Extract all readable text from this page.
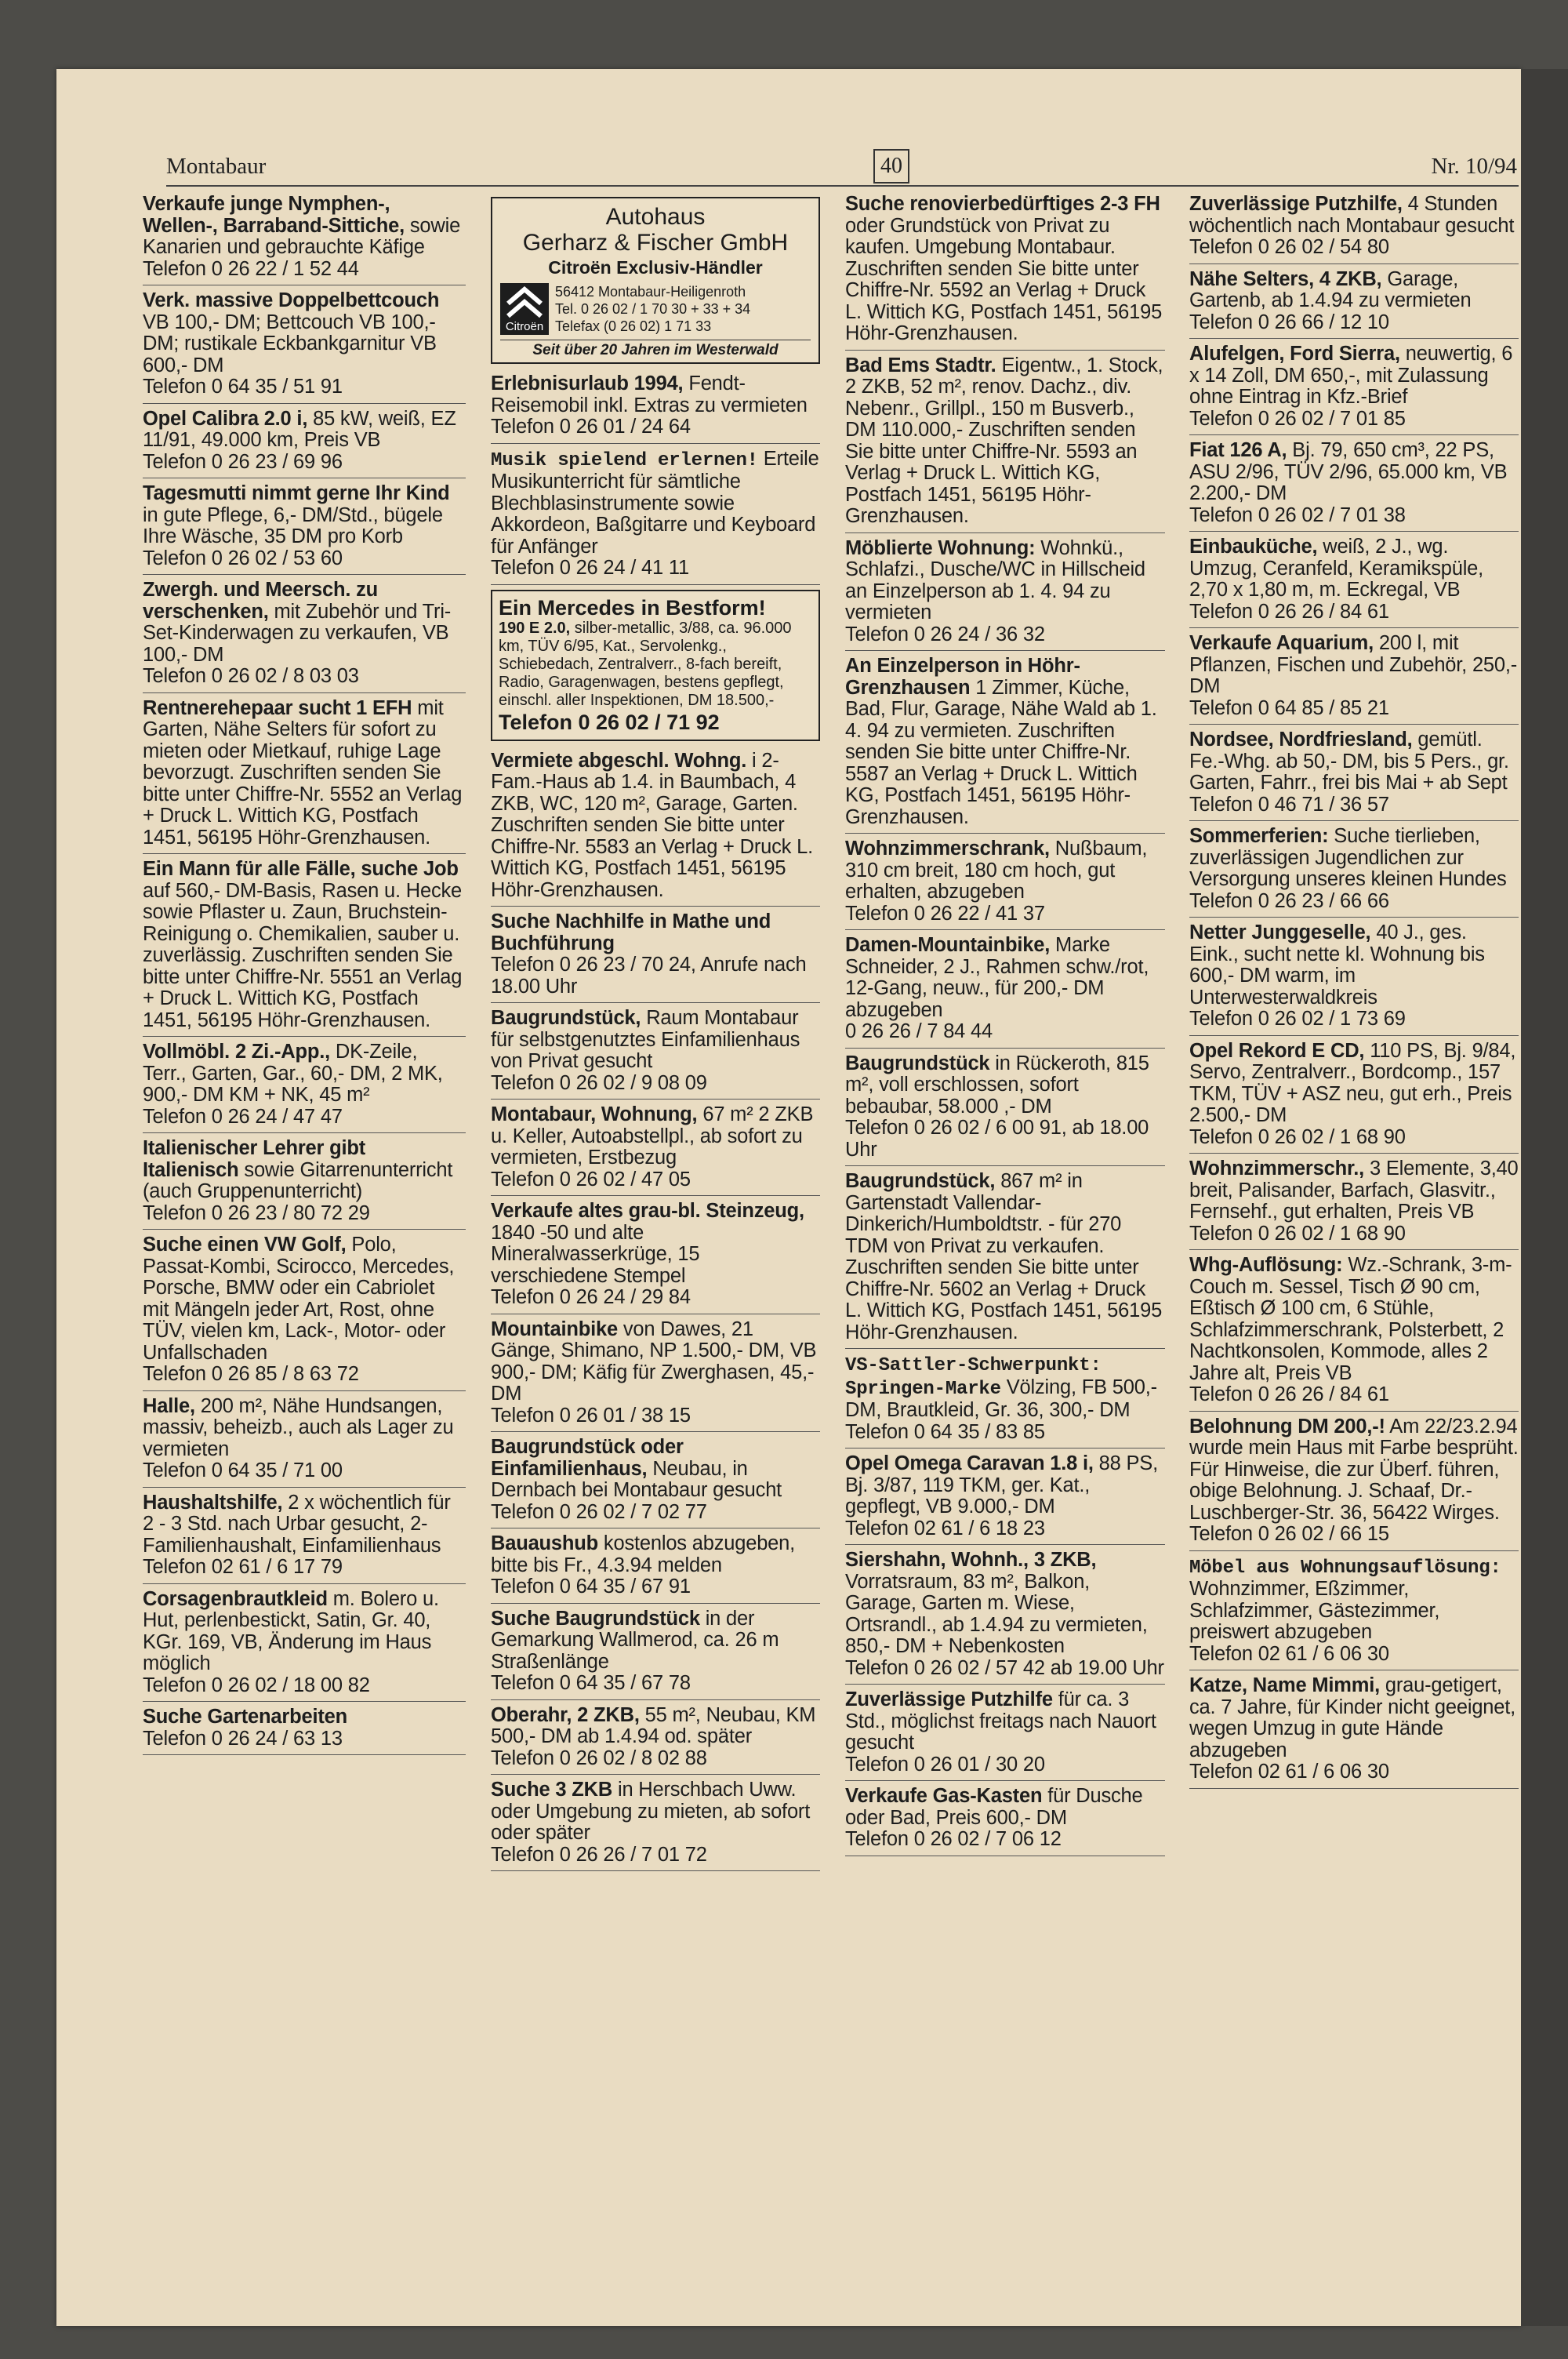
Montabaur	40	Nr. 10/94
Verkaufe junge Nymphen-, Wellen-, Barraband-Sittiche, sowie Kanarien und gebrauchte Käfige
Telefon 0 26 22 / 1 52 44
Verk. massive Doppelbettcouch VB 100,- DM; Bettcouch VB 100,- DM; rustikale Eckbankgarnitur VB 600,- DM
Telefon 0 64 35 / 51 91
Opel Calibra 2.0 i, 85 kW, weiß, EZ 11/91, 49.000 km, Preis VB
Telefon 0 26 23 / 69 96
Tagesmutti nimmt gerne Ihr Kind in gute Pflege, 6,- DM/Std., bügele Ihre Wäsche, 35 DM pro Korb
Telefon 0 26 02 / 53 60
Zwergh. und Meersch. zu verschenken, mit Zubehör und Tri-Set-Kinderwagen zu verkaufen, VB 100,- DM
Telefon 0 26 02 / 8 03 03
Rentnerehepaar sucht 1 EFH mit Garten, Nähe Selters für sofort zu mieten oder Mietkauf, ruhige Lage bevorzugt. Zuschriften senden Sie bitte unter Chiffre-Nr. 5552 an Verlag + Druck L. Wittich KG, Postfach 1451, 56195 Höhr-Grenzhausen.
Ein Mann für alle Fälle, suche Job auf 560,- DM-Basis, Rasen u. Hecke sowie Pflaster u. Zaun, Bruchstein-Reinigung o. Chemikalien, sauber u. zuverlässig. Zuschriften senden Sie bitte unter Chiffre-Nr. 5551 an Verlag + Druck L. Wittich KG, Postfach 1451, 56195 Höhr-Grenzhausen.
Vollmöbl. 2 Zi.-App., DK-Zeile, Terr., Garten, Gar., 60,- DM, 2 MK, 900,- DM KM + NK, 45 m²
Telefon 0 26 24 / 47 47
Italienischer Lehrer gibt Italienisch sowie Gitarrenunterricht (auch Gruppenunterricht)
Telefon 0 26 23 / 80 72 29
Suche einen VW Golf, Polo, Passat-Kombi, Scirocco, Mercedes, Porsche, BMW oder ein Cabriolet mit Mängeln jeder Art, Rost, ohne TÜV, vielen km, Lack-, Motor- oder Unfallschaden
Telefon 0 26 85 / 8 63 72
Halle, 200 m², Nähe Hundsangen, massiv, beheizb., auch als Lager zu vermieten
Telefon 0 64 35 / 71 00
Haushaltshilfe, 2 x wöchentlich für 2 - 3 Std. nach Urbar gesucht, 2-Familienhaushalt, Einfamilienhaus
Telefon 02 61 / 6 17 79
Corsagenbrautkleid m. Bolero u. Hut, perlenbestickt, Satin, Gr. 40, KGr. 169, VB, Änderung im Haus möglich
Telefon 0 26 02 / 18 00 82
Suche Gartenarbeiten
Telefon 0 26 24 / 63 13
Autohaus
Gerharz & Fischer GmbH
Citroën Exclusiv-Händler
Citroën
56412 Montabaur-Heiligenroth
Tel. 0 26 02 / 1 70 30 + 33 + 34
Telefax (0 26 02) 1 71 33
Seit über 20 Jahren im Westerwald
Erlebnisurlaub 1994, Fendt-Reisemobil inkl. Extras zu vermieten
Telefon 0 26 01 / 24 64
Musik spielend erlernen! Erteile Musikunterricht für sämtliche Blechblasinstrumente sowie Akkordeon, Baßgitarre und Keyboard für Anfänger
Telefon 0 26 24 / 41 11
Ein Mercedes in Bestform!
190 E 2.0, silber-metallic, 3/88, ca. 96.000 km, TÜV 6/95, Kat., Servolenkg., Schiebedach, Zentralverr., 8-fach bereift, Radio, Garagenwagen, bestens gepflegt, einschl. aller Inspektionen, DM 18.500,-
Telefon 0 26 02 / 71 92
Vermiete abgeschl. Wohng. i 2-Fam.-Haus ab 1.4. in Baumbach, 4 ZKB, WC, 120 m², Garage, Garten. Zuschriften senden Sie bitte unter Chiffre-Nr. 5583 an Verlag + Druck L. Wittich KG, Postfach 1451, 56195 Höhr-Grenzhausen.
Suche Nachhilfe in Mathe und Buchführung
Telefon 0 26 23 / 70 24, Anrufe nach 18.00 Uhr
Baugrundstück, Raum Montabaur für selbstgenutztes Einfamilienhaus von Privat gesucht
Telefon 0 26 02 / 9 08 09
Montabaur, Wohnung, 67 m² 2 ZKB u. Keller, Autoabstellpl., ab sofort zu vermieten, Erstbezug
Telefon 0 26 02 / 47 05
Verkaufe altes grau-bl. Steinzeug, 1840 -50 und alte Mineralwasserkrüge, 15 verschiedene Stempel
Telefon 0 26 24 / 29 84
Mountainbike von Dawes, 21 Gänge, Shimano, NP 1.500,- DM, VB 900,- DM; Käfig für Zwerghasen, 45,- DM
Telefon 0 26 01 / 38 15
Baugrundstück oder Einfamilienhaus, Neubau, in Dernbach bei Montabaur gesucht
Telefon 0 26 02 / 7 02 77
Bauaushub kostenlos abzugeben, bitte bis Fr., 4.3.94 melden
Telefon 0 64 35 / 67 91
Suche Baugrundstück in der Gemarkung Wallmerod, ca. 26 m Straßenlänge
Telefon 0 64 35 / 67 78
Oberahr, 2 ZKB, 55 m², Neubau, KM 500,- DM ab 1.4.94 od. später
Telefon 0 26 02 / 8 02 88
Suche 3 ZKB in Herschbach Uww. oder Umgebung zu mieten, ab sofort oder später
Telefon 0 26 26 / 7 01 72
Suche renovierbedürftiges 2-3 FH oder Grundstück von Privat zu kaufen. Umgebung Montabaur. Zuschriften senden Sie bitte unter Chiffre-Nr. 5592 an Verlag + Druck L. Wittich KG, Postfach 1451, 56195 Höhr-Grenzhausen.
Bad Ems Stadtr. Eigentw., 1. Stock, 2 ZKB, 52 m², renov. Dachz., div. Nebenr., Grillpl., 150 m Busverb., DM 110.000,- Zuschriften senden Sie bitte unter Chiffre-Nr. 5593 an Verlag + Druck L. Wittich KG, Postfach 1451, 56195 Höhr-Grenzhausen.
Möblierte Wohnung: Wohnkü., Schlafzi., Dusche/WC in Hillscheid an Einzelperson ab 1. 4. 94 zu vermieten
Telefon 0 26 24 / 36 32
An Einzelperson in Höhr-Grenzhausen 1 Zimmer, Küche, Bad, Flur, Garage, Nähe Wald ab 1. 4. 94 zu vermieten. Zuschriften senden Sie bitte unter Chiffre-Nr. 5587 an Verlag + Druck L. Wittich KG, Postfach 1451, 56195 Höhr-Grenzhausen.
Wohnzimmerschrank, Nußbaum, 310 cm breit, 180 cm hoch, gut erhalten, abzugeben
Telefon 0 26 22 / 41 37
Damen-Mountainbike, Marke Schneider, 2 J., Rahmen schw./rot, 12-Gang, neuw., für 200,- DM abzugeben
0 26 26 / 7 84 44
Baugrundstück in Rückeroth, 815 m², voll erschlossen, sofort bebaubar, 58.000 ,- DM
Telefon 0 26 02 / 6 00 91, ab 18.00 Uhr
Baugrundstück, 867 m² in Gartenstadt Vallendar-Dinkerich/Humboldtstr. - für 270 TDM von Privat zu verkaufen. Zuschriften senden Sie bitte unter Chiffre-Nr. 5602 an Verlag + Druck L. Wittich KG, Postfach 1451, 56195 Höhr-Grenzhausen.
VS-Sattler-Schwerpunkt: Springen-Marke Völzing, FB 500,- DM, Brautkleid, Gr. 36, 300,- DM
Telefon 0 64 35 / 83 85
Opel Omega Caravan 1.8 i, 88 PS, Bj. 3/87, 119 TKM, ger. Kat., gepflegt, VB 9.000,- DM
Telefon 02 61 / 6 18 23
Siershahn, Wohnh., 3 ZKB, Vorratsraum, 83 m², Balkon, Garage, Garten m. Wiese, Ortsrandl., ab 1.4.94 zu vermieten, 850,- DM + Nebenkosten
Telefon 0 26 02 / 57 42 ab 19.00 Uhr
Zuverlässige Putzhilfe für ca. 3 Std., möglichst freitags nach Nauort gesucht
Telefon 0 26 01 / 30 20
Verkaufe Gas-Kasten für Dusche oder Bad, Preis 600,- DM
Telefon 0 26 02 / 7 06 12
Zuverlässige Putzhilfe, 4 Stunden wöchentlich nach Montabaur gesucht
Telefon 0 26 02 / 54 80
Nähe Selters, 4 ZKB, Garage, Gartenb, ab 1.4.94 zu vermieten
Telefon 0 26 66 / 12 10
Alufelgen, Ford Sierra, neuwertig, 6 x 14 Zoll, DM 650,-, mit Zulassung ohne Eintrag in Kfz.-Brief
Telefon 0 26 02 / 7 01 85
Fiat 126 A, Bj. 79, 650 cm³, 22 PS, ASU 2/96, TÜV 2/96, 65.000 km, VB 2.200,- DM
Telefon 0 26 02 / 7 01 38
Einbauküche, weiß, 2 J., wg. Umzug, Ceranfeld, Keramikspüle, 2,70 x 1,80 m, m. Eckregal, VB
Telefon 0 26 26 / 84 61
Verkaufe Aquarium, 200 l, mit Pflanzen, Fischen und Zubehör, 250,- DM
Telefon 0 64 85 / 85 21
Nordsee, Nordfriesland, gemütl. Fe.-Whg. ab 50,- DM, bis 5 Pers., gr. Garten, Fahrr., frei bis Mai + ab Sept
Telefon 0 46 71 / 36 57
Sommerferien: Suche tierlieben, zuverlässigen Jugendlichen zur Versorgung unseres kleinen Hundes
Telefon 0 26 23 / 66 66
Netter Junggeselle, 40 J., ges. Eink., sucht nette kl. Wohnung bis 600,- DM warm, im Unterwesterwaldkreis
Telefon 0 26 02 / 1 73 69
Opel Rekord E CD, 110 PS, Bj. 9/84, Servo, Zentralverr., Bordcomp., 157 TKM, TÜV + ASZ neu, gut erh., Preis 2.500,- DM
Telefon 0 26 02 / 1 68 90
Wohnzimmerschr., 3 Elemente, 3,40 breit, Palisander, Barfach, Glasvitr., Fernsehf., gut erhalten, Preis VB
Telefon 0 26 02 / 1 68 90
Whg-Auflösung: Wz.-Schrank, 3-m-Couch m. Sessel, Tisch Ø 90 cm, Eßtisch Ø 100 cm, 6 Stühle, Schlafzimmerschrank, Polsterbett, 2 Nachtkonsolen, Kommode, alles 2 Jahre alt, Preis VB
Telefon 0 26 26 / 84 61
Belohnung DM 200,-! Am 22/23.2.94 wurde mein Haus mit Farbe besprüht. Für Hinweise, die zur Überf. führen, obige Belohnung. J. Schaaf, Dr.-Luschberger-Str. 36, 56422 Wirges.
Telefon 0 26 02 / 66 15
Möbel aus Wohnungsauflösung: Wohnzimmer, Eßzimmer, Schlafzimmer, Gästezimmer, preiswert abzugeben
Telefon 02 61 / 6 06 30
Katze, Name Mimmi, grau-getigert, ca. 7 Jahre, für Kinder nicht geeignet, wegen Umzug in gute Hände abzugeben
Telefon 02 61 / 6 06 30
